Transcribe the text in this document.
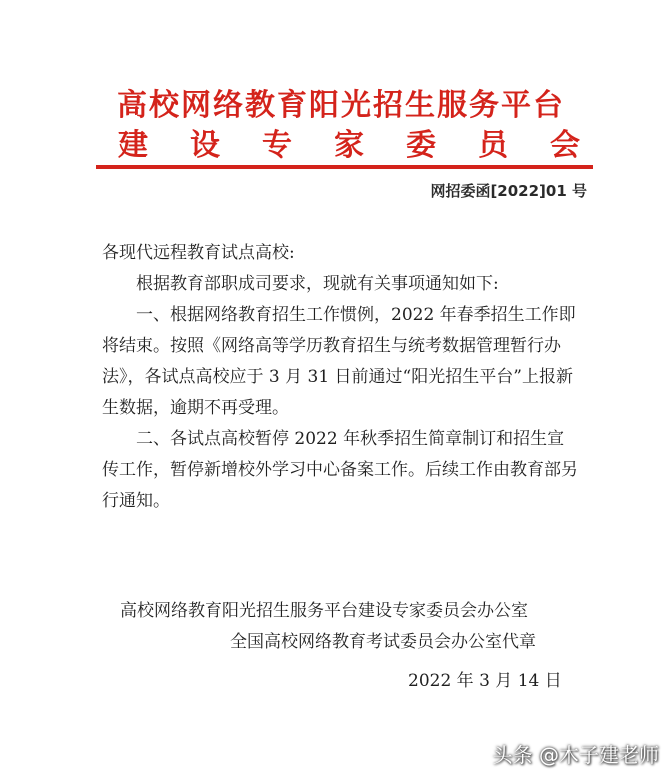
高校网络教育阳光招生服务平台
建设专家委员会
网招委函[2022]01 号
各现代远程教育试点高校:
根据教育部职成司要求，现就有关事项通知如下:
一、根据网络教育招生工作惯例，2022 年春季招生工作即将结束。按照《网络高等学历教育招生与统考数据管理暂行办法》，各试点高校应于 3 月 31 日前通过“阳光招生平台”上报新生数据，逾期不再受理。
二、各试点高校暂停 2022 年秋季招生简章制订和招生宣传工作，暂停新增校外学习中心备案工作。后续工作由教育部另行通知。
高校网络教育阳光招生服务平台建设专家委员会办公室
全国高校网络教育考试委员会办公室代章
2022 年 3 月 14 日
头条 @木子建老师
